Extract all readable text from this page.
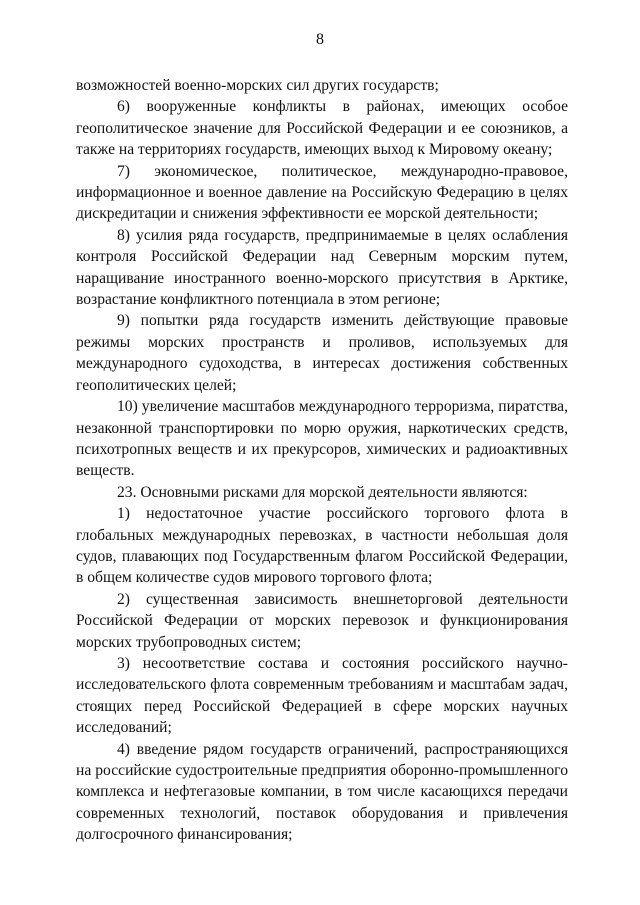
8

возможностей военно-морских сил других государств;

6) вооруженные конфликты в районах, имеющих особое геополитическое значение для Российской Федерации и ее союзников, а также на территориях государств, имеющих выход к Мировому океану;

7) экономическое, политическое, международно-правовое, информационное и военное давление на Российскую Федерацию в целях дискредитации и снижения эффективности ее морской деятельности;

8) усилия ряда государств, предпринимаемые в целях ослабления контроля Российской Федерации над Северным морским путем, наращивание иностранного военно-морского присутствия в Арктике, возрастание конфликтного потенциала в этом регионе;

9) попытки ряда государств изменить действующие правовые режимы морских пространств и проливов, используемых для международного судоходства, в интересах достижения собственных геополитических целей;

10) увеличение масштабов международного терроризма, пиратства, незаконной транспортировки по морю оружия, наркотических средств, психотропных веществ и их прекурсоров, химических и радиоактивных веществ.

23. Основными рисками для морской деятельности являются:

1) недостаточное участие российского торгового флота в глобальных международных перевозках, в частности небольшая доля судов, плавающих под Государственным флагом Российской Федерации, в общем количестве судов мирового торгового флота;

2) существенная зависимость внешнеторговой деятельности Российской Федерации от морских перевозок и функционирования морских трубопроводных систем;

3) несоответствие состава и состояния российского научно-исследовательского флота современным требованиям и масштабам задач, стоящих перед Российской Федерацией в сфере морских научных исследований;

4) введение рядом государств ограничений, распространяющихся на российские судостроительные предприятия оборонно-промышленного комплекса и нефтегазовые компании, в том числе касающихся передачи современных технологий, поставок оборудования и привлечения долгосрочного финансирования;
